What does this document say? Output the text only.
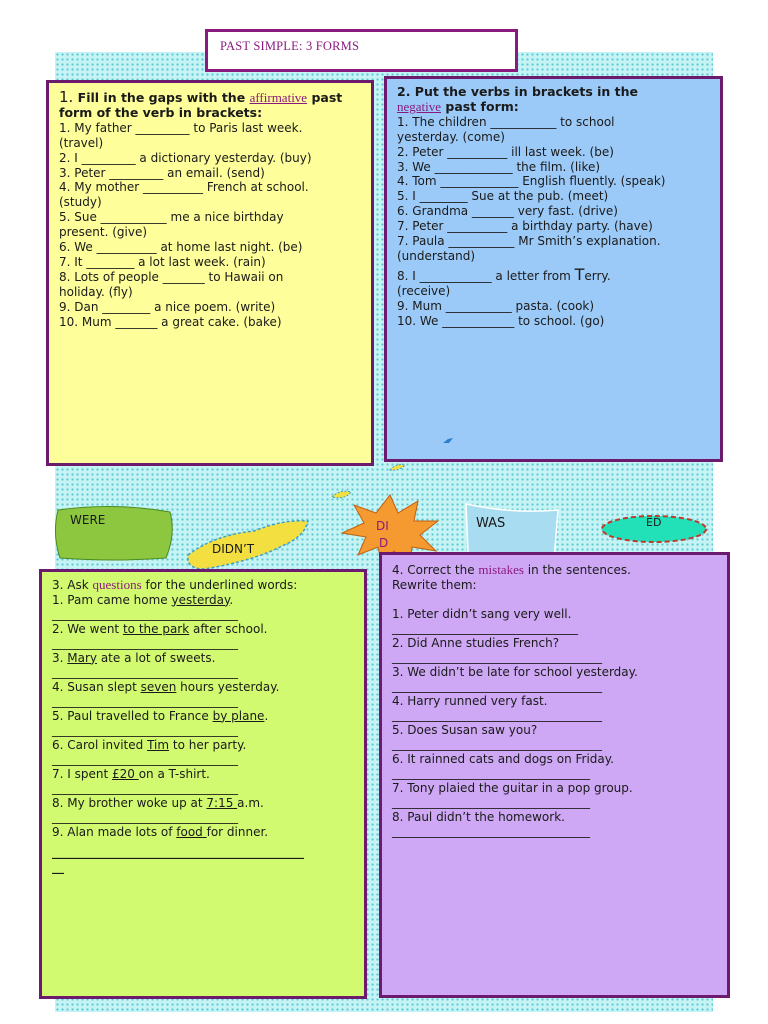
PAST SIMPLE: 3 FORMS
1. Fill in the gaps with the affirmative past
form of the verb in brackets:
1. My father _________ to Paris last week.
(travel)
2. I _________ a dictionary yesterday. (buy)
3. Peter _________ an email. (send)
4. My mother __________ French at school.
(study)
5. Sue ___________ me a nice birthday
present. (give)
6. We __________ at home last night. (be)
7. It ________ a lot last week. (rain)
8. Lots of people _______ to Hawaii on
holiday. (fly)
9. Dan ________ a nice poem. (write)
10. Mum _______ a great cake. (bake)
2. Put the verbs in brackets in the
negative past form:
1. The children ___________ to school
yesterday. (come)
2. Peter __________ ill last week. (be)
3. We _____________ the film. (like)
4. Tom _____________ English fluently. (speak)
5. I ________ Sue at the pub. (meet)
6. Grandma _______ very fast. (drive)
7. Peter __________ a birthday party. (have)
7. Paula ___________ Mr Smith’s explanation.
(understand)
8. I ____________ a letter from Terry.
(receive)
9. Mum ___________ pasta. (cook)
10. We ____________ to school. (go)
WERE
DIDN’T
DI
D
WAS	ED
3. Ask questions for the underlined words:
1. Pam came home yesterday.
_______________________________
2. We went to the park after school.
_______________________________
3. Mary ate a lot of sweets.
_______________________________
4. Susan slept seven hours yesterday.
_______________________________
5. Paul travelled to France by plane.
_______________________________
6. Carol invited Tim to her party.
_______________________________
7. I spent £20 on a T-shirt.
_______________________________
8. My brother woke up at 7:15 a.m.
_______________________________
9. Alan made lots of food for dinner.
__________________________________________
__
4. Correct the mistakes in the sentences.
Rewrite them:
1. Peter didn’t sang very well.
_______________________________
2. Did Anne studies French?
___________________________________
3. We didn’t be late for school yesterday.
___________________________________
4. Harry runned very fast.
___________________________________
5. Does Susan saw you?
___________________________________
6. It rainned cats and dogs on Friday.
_________________________________
7. Tony plaied the guitar in a pop group.
_________________________________
8. Paul didn’t the homework.
_________________________________
